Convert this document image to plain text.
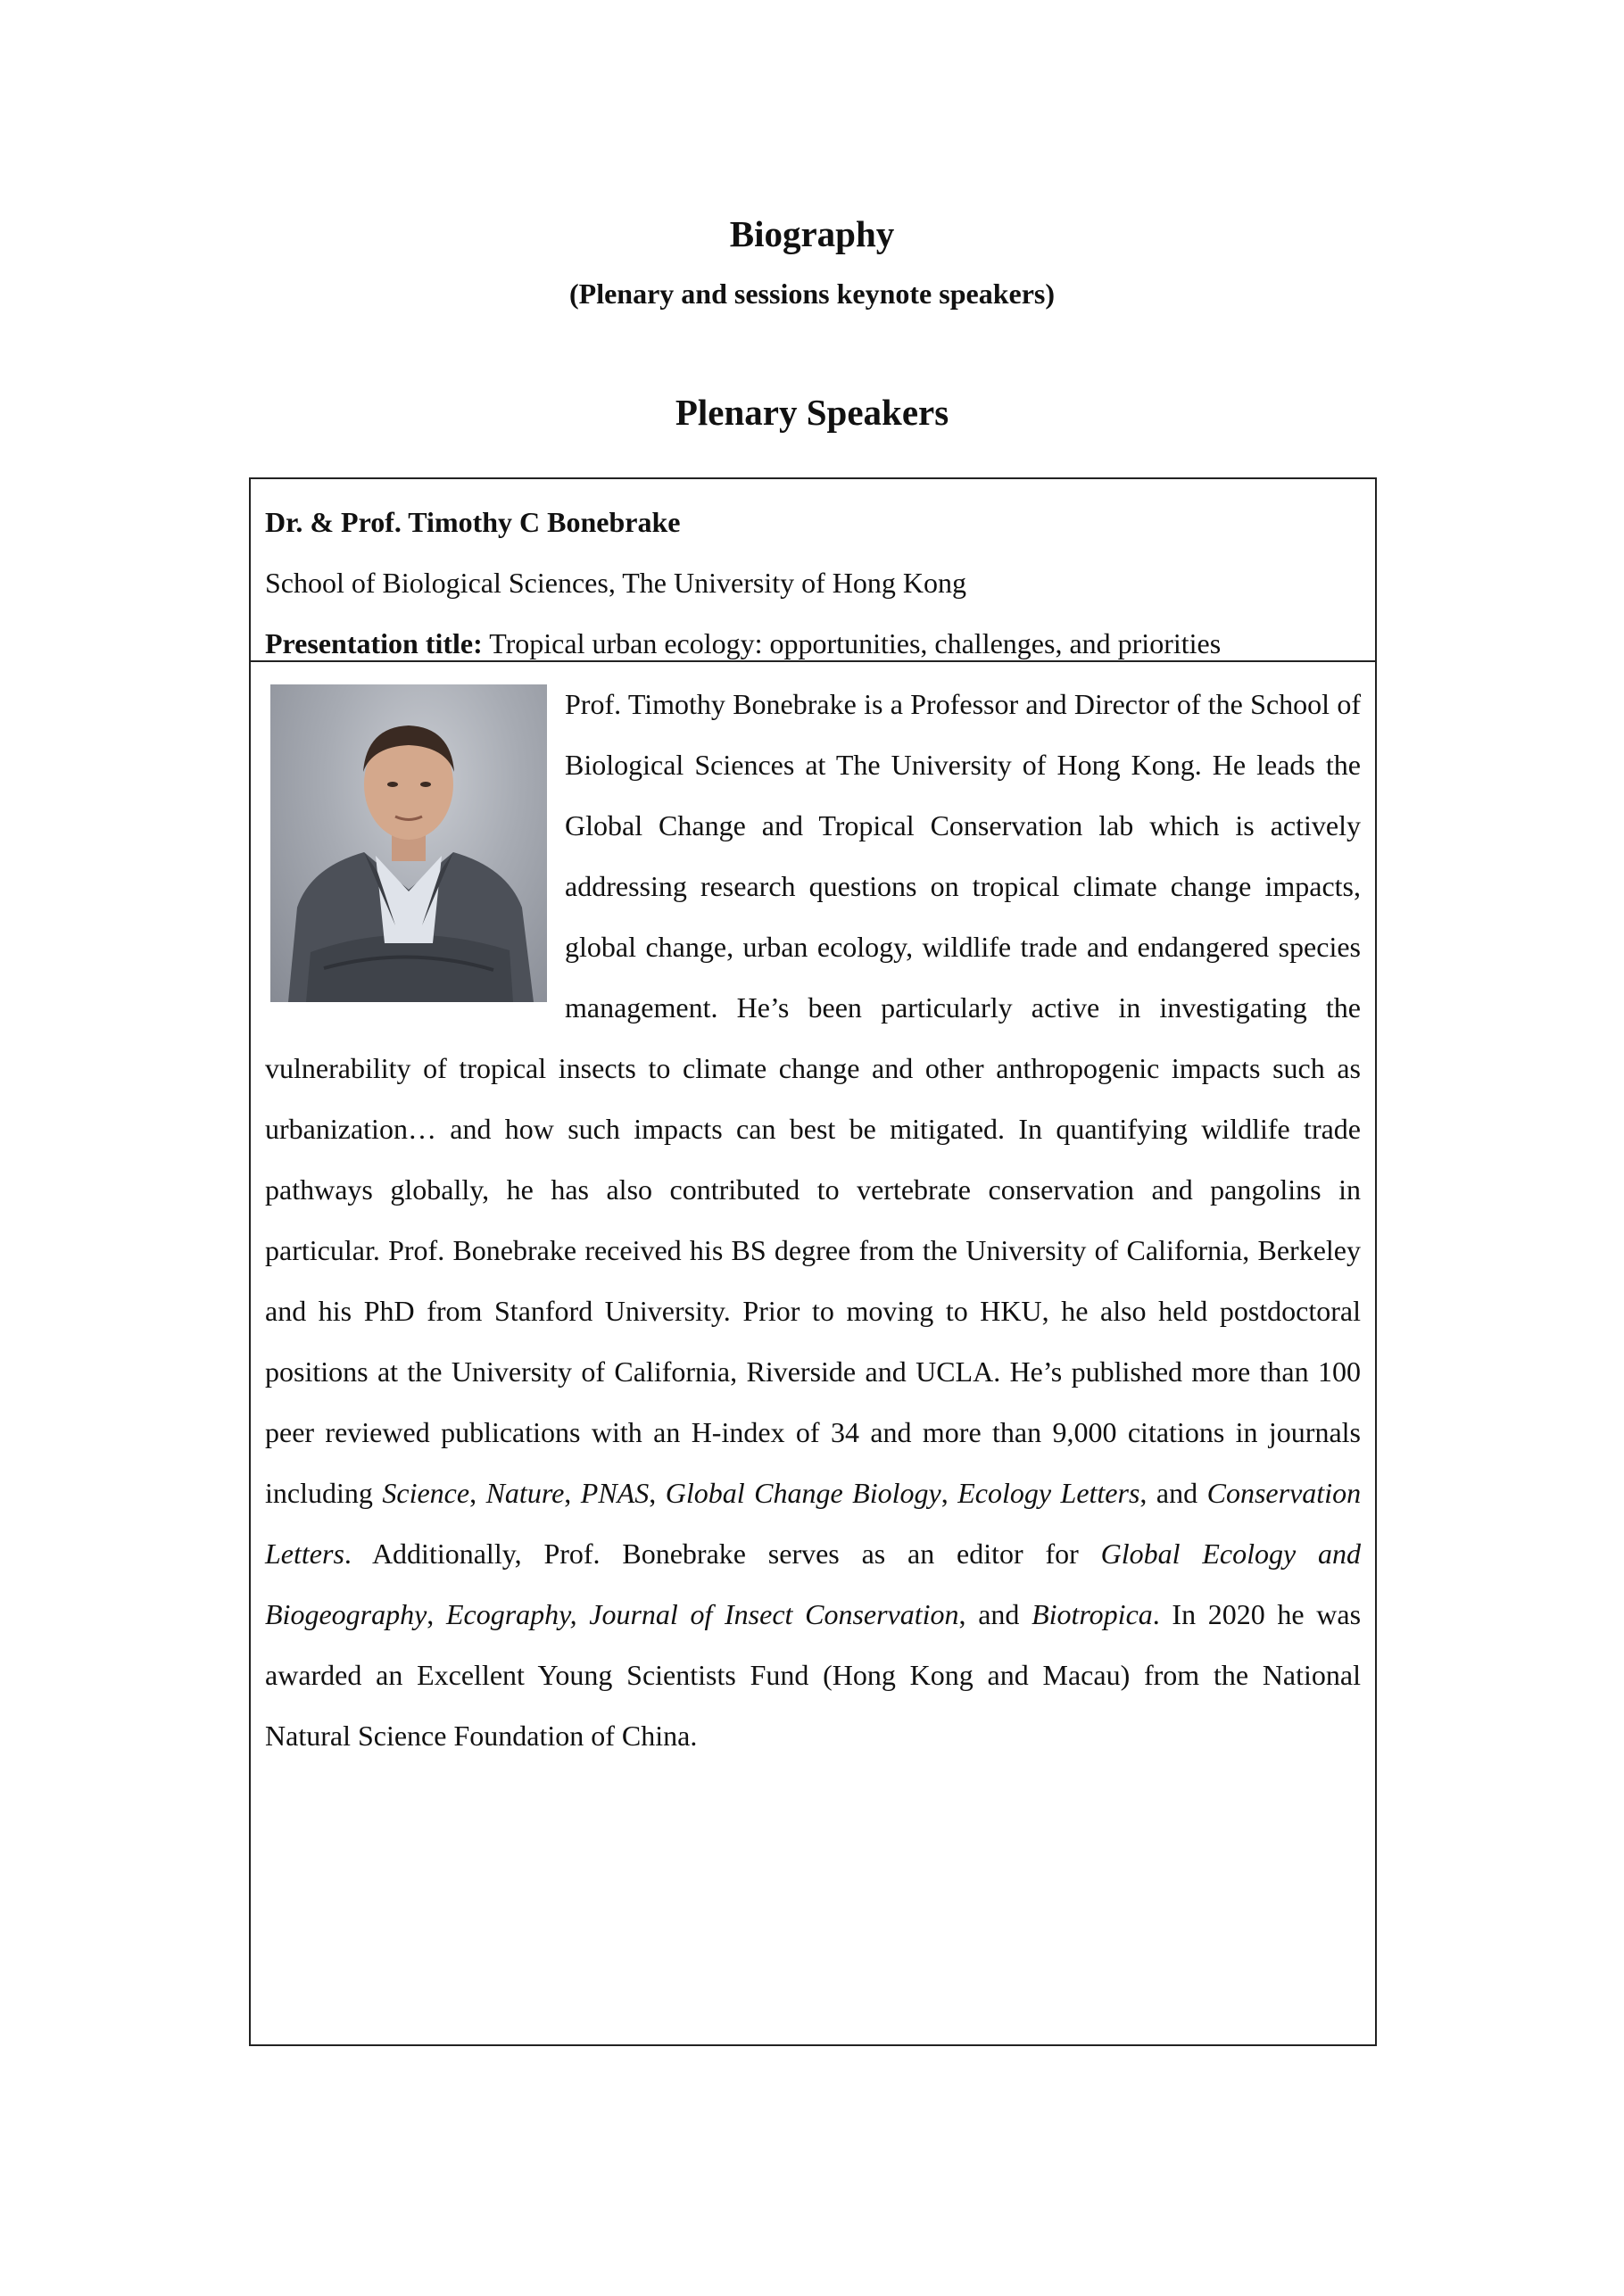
Biography
(Plenary and sessions keynote speakers)
Plenary Speakers
Dr. & Prof. Timothy C Bonebrake
School of Biological Sciences, The University of Hong Kong
Presentation title: Tropical urban ecology: opportunities, challenges, and priorities

Prof. Timothy Bonebrake is a Professor and Director of the School of Biological Sciences at The University of Hong Kong. He leads the Global Change and Tropical Conservation lab which is actively addressing research questions on tropical climate change impacts, global change, urban ecology, wildlife trade and endangered species management. He’s been particularly active in investigating the vulnerability of tropical insects to climate change and other anthropogenic impacts such as urbanization… and how such impacts can best be mitigated. In quantifying wildlife trade pathways globally, he has also contributed to vertebrate conservation and pangolins in particular. Prof. Bonebrake received his BS degree from the University of California, Berkeley and his PhD from Stanford University. Prior to moving to HKU, he also held postdoctoral positions at the University of California, Riverside and UCLA. He’s published more than 100 peer reviewed publications with an H-index of 34 and more than 9,000 citations in journals including Science, Nature, PNAS, Global Change Biology, Ecology Letters, and Conservation Letters. Additionally, Prof. Bonebrake serves as an editor for Global Ecology and Biogeography, Ecography, Journal of Insect Conservation, and Biotropica. In 2020 he was awarded an Excellent Young Scientists Fund (Hong Kong and Macau) from the National Natural Science Foundation of China.
